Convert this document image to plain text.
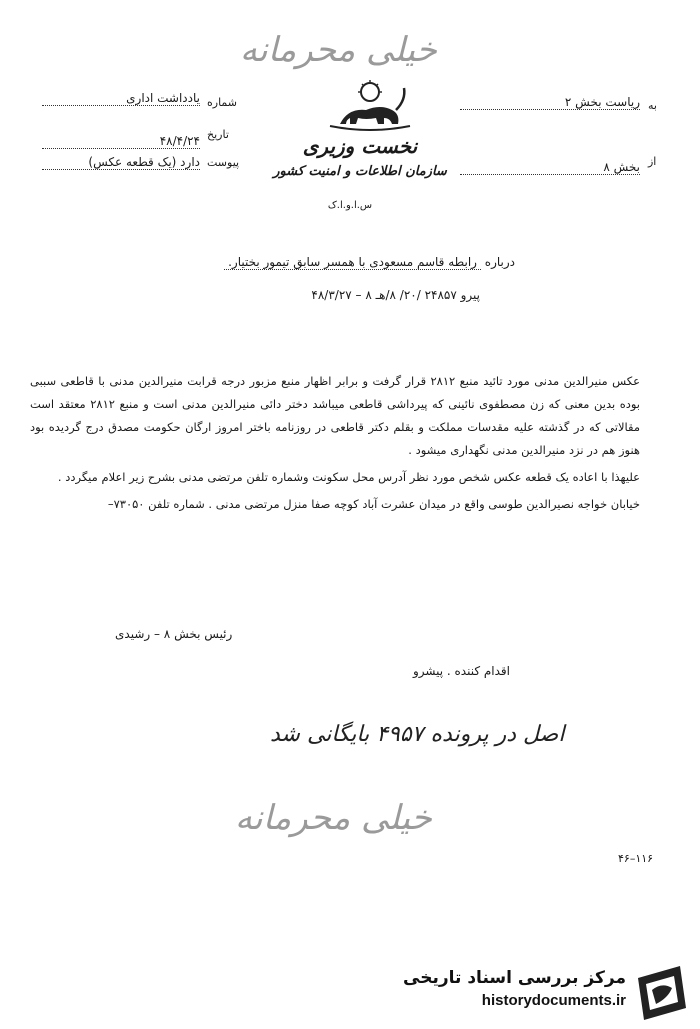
خیلی محرمانه
شماره
یادداشت اداری
تاریخ
۴۸/۴/۲۴
پیوست
دارد (یک قطعه عکس)
نخست وزیری
سازمان اطلاعات و امنیت کشور
س.ا.و.ا.ک
به
ریاست بخش ۲
از
بخش ۸
درباره رابطه قاسم مسعودی با همسر سابق تیمور بختیار.
پیرو ۲۴۸۵۷ /۲۰/ ۸/هـ ۸ – ۴۸/۳/۲۷

عکس منیرالدین مدنی مورد تائید منبع ۲۸۱۲ قرار گرفت و برابر اظهار منبع مزبور درجه قرابت منیرالدین مدنی با قاطعی سببی بوده بدین معنی که زن مصطفوی نائینی که پیرداشی قاطعی میباشد دختر دائی منیرالدین مدنی است و منبع ۲۸۱۲ معتقد است مقالاتی که در گذشته علیه مقدسات مملکت و بقلم دکتر قاطعی در روزنامه باختر امروز ارگان حکومت مصدق درج گردیده بود هنوز هم در نزد منیرالدین مدنی نگهداری میشود .

علیهذا با اعاده یک قطعه عکس شخص مورد نظر آدرس محل سکونت وشماره تلفن مرتضی مدنی بشرح زیر اعلام میگردد .

خیابان خواجه نصیرالدین طوسی واقع در میدان عشرت آباد کوچه صفا منزل مرتضی مدنی . شماره تلفن ۷۳۰۵۰–

رئیس بخش ۸ – رشیدی
اقدام کننده . پیشرو
اصل در پرونده ۴۹۵۷ بایگانی شد
خیلی محرمانه
۴۶–۱۱۶
مرکز بررسی اسناد تاریخی
historydocuments.ir
